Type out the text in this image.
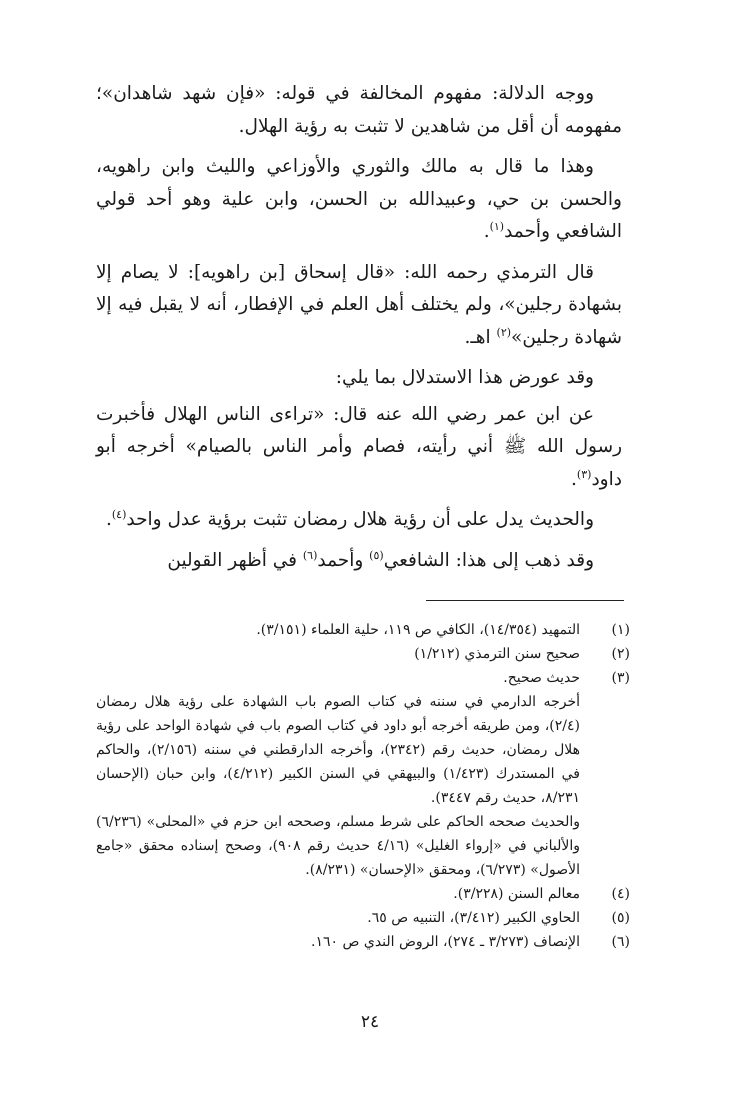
ووجه الدلالة: مفهوم المخالفة في قوله: «فإن شهد شاهدان»؛ مفهومه أن أقل من شاهدين لا تثبت به رؤية الهلال.

وهذا ما قال به مالك والثوري والأوزاعي والليث وابن راهويه، والحسن بن حي، وعبيدالله بن الحسن، وابن علية وهو أحد قولي الشافعي وأحمد$^{(١)}$.

قال الترمذي رحمه الله: «قال إسحاق [بن راهويه]: لا يصام إلا بشهادة رجلين»، ولم يختلف أهل العلم في الإفطار، أنه لا يقبل فيه إلا شهادة رجلين»$^{(٢)}$ اهـ.

وقد عورض هذا الاستدلال بما يلي:

عن ابن عمر رضي الله عنه قال: «تراءى الناس الهلال فأخبرت رسول الله ﷺ أني رأيته، فصام وأمر الناس بالصيام» أخرجه أبو داود$^{(٣)}$.

والحديث يدل على أن رؤية هلال رمضان تثبت برؤية عدل واحد$^{(٤)}$.

وقد ذهب إلى هذا: الشافعي$^{(٥)}$ وأحمد$^{(٦)}$ في أظهر القولين

(١)
التمهيد (١٤/٣٥٤)، الكافي ص ١١٩، حلية العلماء (٣/١٥١).
(٢)
صحيح سنن الترمذي (١/٢١٢)
(٣)
حديث صحيح.
أخرجه الدارمي في سننه في كتاب الصوم باب الشهادة على رؤية هلال رمضان (٢/٤)، ومن طريقه أخرجه أبو داود في كتاب الصوم باب في شهادة الواحد على رؤية هلال رمضان، حديث رقم (٢٣٤٢)، وأخرجه الدارقطني في سننه (٢/١٥٦)، والحاكم في المستدرك (١/٤٢٣) والبيهقي في السنن الكبير (٤/٢١٢)، وابن حبان (الإحسان ٨/٢٣١، حديث رقم ٣٤٤٧).
والحديث صححه الحاكم على شرط مسلم، وصححه ابن حزم في «المحلى» (٦/٢٣٦) والألباني في «إرواء الغليل» (٤/١٦ حديث رقم ٩٠٨)، وصحح إسناده محقق «جامع الأصول» (٦/٢٧٣)، ومحقق «الإحسان» (٨/٢٣١).
(٤)
معالم السنن (٣/٢٢٨).
(٥)
الحاوي الكبير (٣/٤١٢)، التنبيه ص ٦٥.
(٦)
الإنصاف (٣/٢٧٣ ـ ٢٧٤)، الروض الندي ص ١٦٠.
٢٤
